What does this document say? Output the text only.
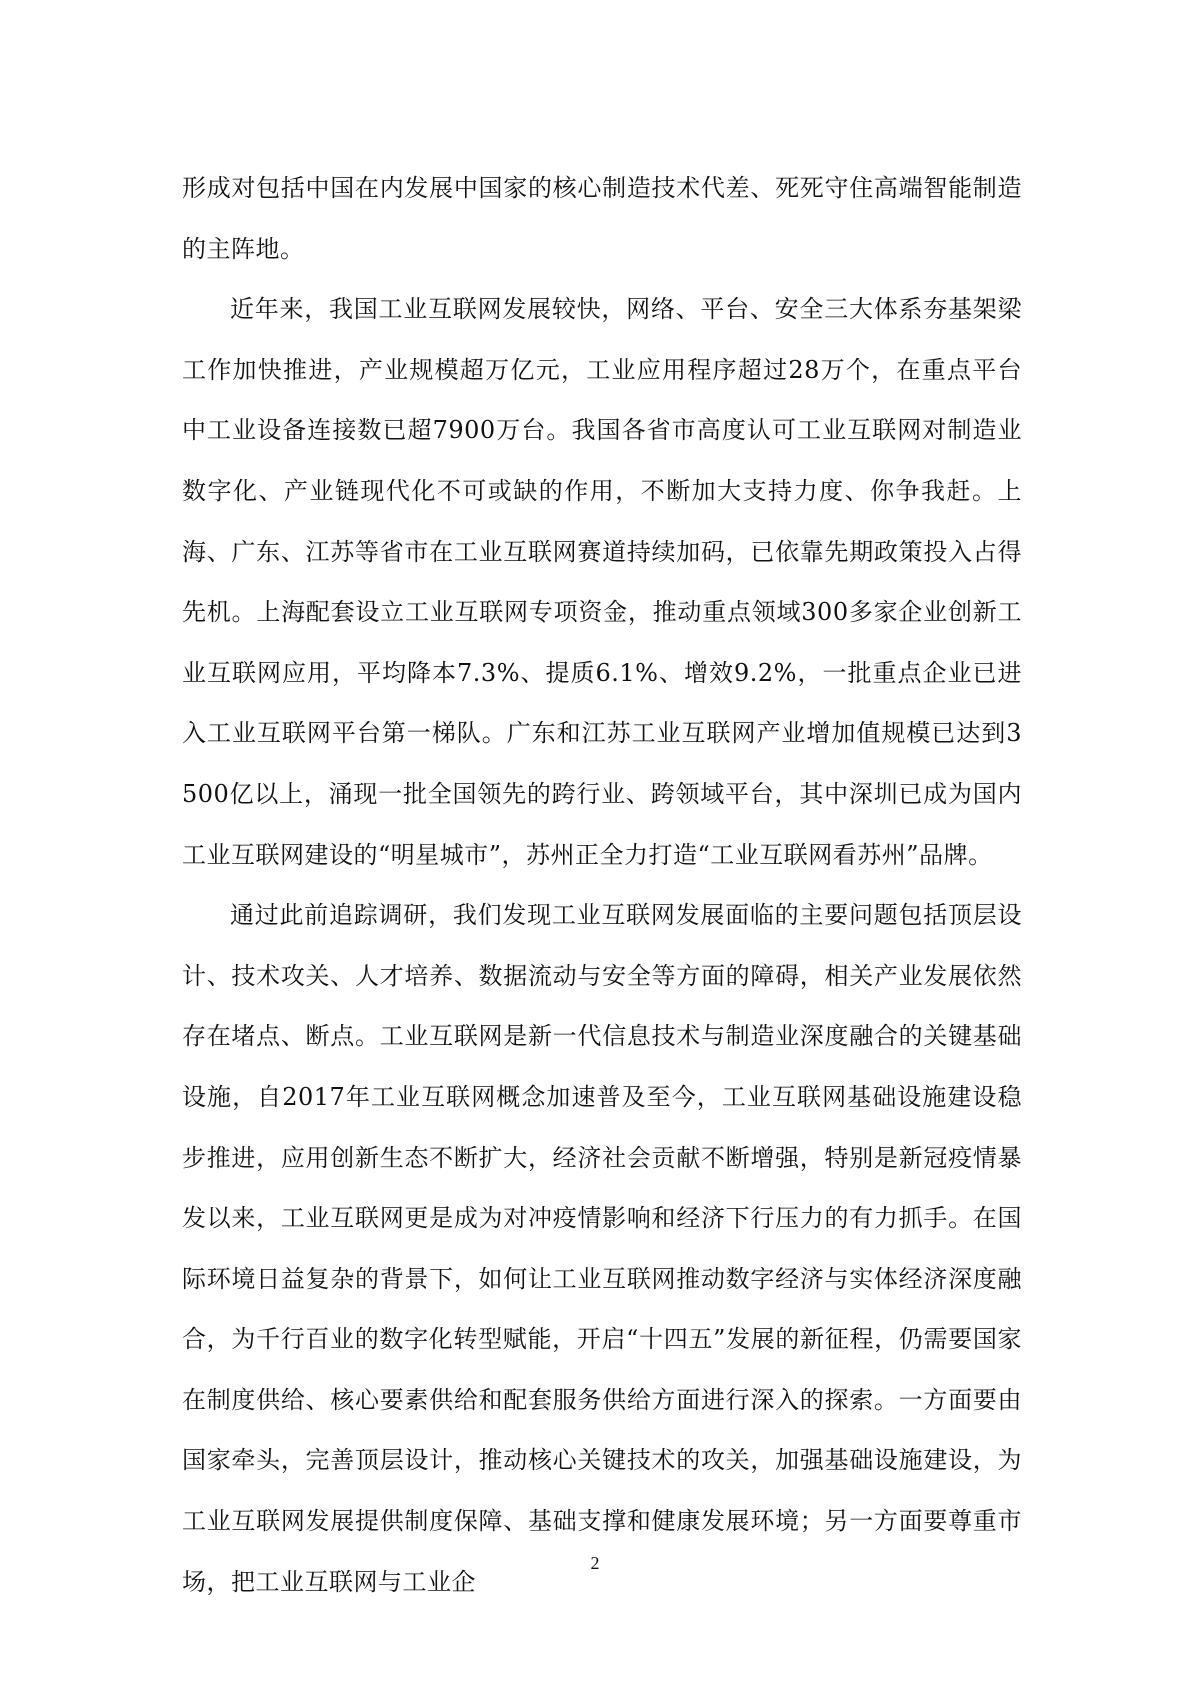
形成对包括中国在内发展中国家的核心制造技术代差、死死守住高端智能制造的主阵地。

近年来，我国工业互联网发展较快，网络、平台、安全三大体系夯基架梁工作加快推进，产业规模超万亿元，工业应用程序超过28万个，在重点平台中工业设备连接数已超7900万台。我国各省市高度认可工业互联网对制造业数字化、产业链现代化不可或缺的作用，不断加大支持力度、你争我赶。上海、广东、江苏等省市在工业互联网赛道持续加码，已依靠先期政策投入占得先机。上海配套设立工业互联网专项资金，推动重点领域300多家企业创新工业互联网应用，平均降本7.3%、提质6.1%、增效9.2%，一批重点企业已进入工业互联网平台第一梯队。广东和江苏工业互联网产业增加值规模已达到3500亿以上，涌现一批全国领先的跨行业、跨领域平台，其中深圳已成为国内工业互联网建设的“明星城市”，苏州正全力打造“工业互联网看苏州”品牌。

通过此前追踪调研，我们发现工业互联网发展面临的主要问题包括顶层设计、技术攻关、人才培养、数据流动与安全等方面的障碍，相关产业发展依然存在堵点、断点。工业互联网是新一代信息技术与制造业深度融合的关键基础设施，自2017年工业互联网概念加速普及至今，工业互联网基础设施建设稳步推进，应用创新生态不断扩大，经济社会贡献不断增强，特别是新冠疫情暴发以来，工业互联网更是成为对冲疫情影响和经济下行压力的有力抓手。在国际环境日益复杂的背景下，如何让工业互联网推动数字经济与实体经济深度融合，为千行百业的数字化转型赋能，开启“十四五”发展的新征程，仍需要国家在制度供给、核心要素供给和配套服务供给方面进行深入的探索。一方面要由国家牵头，完善顶层设计，推动核心关键技术的攻关，加强基础设施建设，为工业互联网发展提供制度保障、基础支撑和健康发展环境；另一方面要尊重市场，把工业互联网与工业企

2
